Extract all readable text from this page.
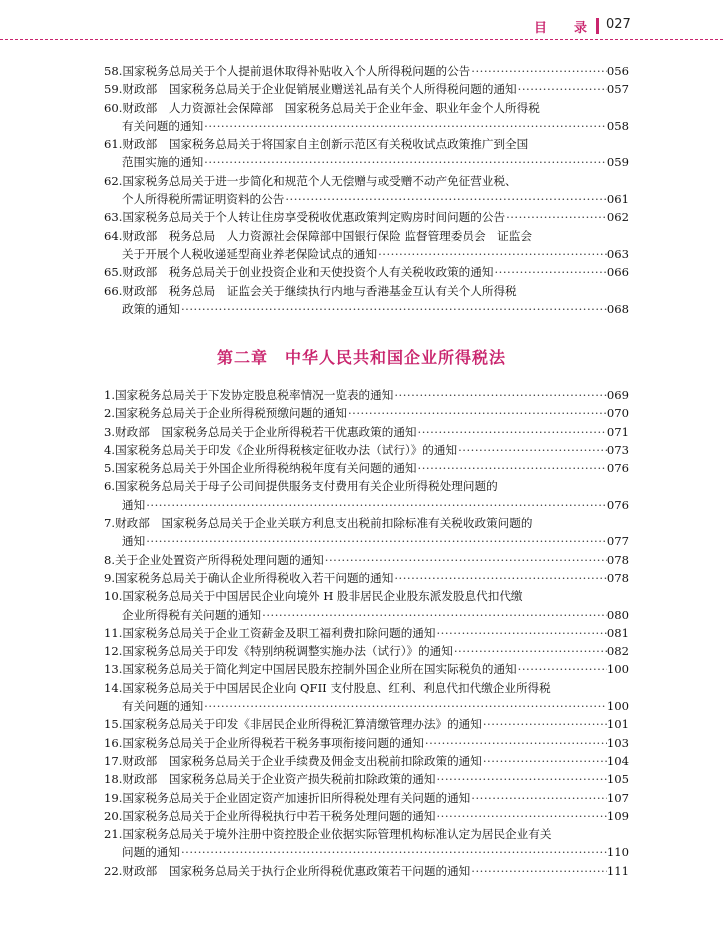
目 录 027
58. 国家税务总局关于个人提前退休取得补贴收入个人所得税问题的公告 ·····	056
59. 财政部　国家税务总局关于企业促销展业赠送礼品有关个人所得税问题的通知 ·····	057
60. 财政部　人力资源社会保障部　国家税务总局关于企业年金、职业年金个人所得税
有关问题的通知 ·····	058
61. 财政部　国家税务总局关于将国家自主创新示范区有关税收试点政策推广到全国
范围实施的通知 ·····	059
62. 国家税务总局关于进一步简化和规范个人无偿赠与或受赠不动产免征营业税、
个人所得税所需证明资料的公告 ·····	061
63. 国家税务总局关于个人转让住房享受税收优惠政策判定购房时间问题的公告 ·····	062
64. 财政部　税务总局　人力资源社会保障部中国银行保险 监督管理委员会　证监会
关于开展个人税收递延型商业养老保险试点的通知 ·····	063
65. 财政部　税务总局关于创业投资企业和天使投资个人有关税收政策的通知 ·····	066
66. 财政部　税务总局　证监会关于继续执行内地与香港基金互认有关个人所得税
政策的通知 ·····	068
第二章　中华人民共和国企业所得税法
1. 国家税务总局关于下发协定股息税率情况一览表的通知 ·····	069
2. 国家税务总局关于企业所得税预缴问题的通知 ·····	070
3. 财政部　国家税务总局关于企业所得税若干优惠政策的通知 ·····	071
4. 国家税务总局关于印发《企业所得税核定征收办法（试行）》的通知 ·····	073
5. 国家税务总局关于外国企业所得税纳税年度有关问题的通知 ·····	076
6. 国家税务总局关于母子公司间提供服务支付费用有关企业所得税处理问题的
通知 ·····	076
7. 财政部　国家税务总局关于企业关联方利息支出税前扣除标准有关税收政策问题的
通知 ·····	077
8. 关于企业处置资产所得税处理问题的通知 ·····	078
9. 国家税务总局关于确认企业所得税收入若干问题的通知 ·····	078
10. 国家税务总局关于中国居民企业向境外 H 股非居民企业股东派发股息代扣代缴
企业所得税有关问题的通知 ·····	080
11. 国家税务总局关于企业工资薪金及职工福利费扣除问题的通知 ·····	081
12. 国家税务总局关于印发《特别纳税调整实施办法（试行）》的通知 ·····	082
13. 国家税务总局关于简化判定中国居民股东控制外国企业所在国实际税负的通知 ·····	100
14. 国家税务总局关于中国居民企业向 QFII 支付股息、红利、利息代扣代缴企业所得税
有关问题的通知 ·····	100
15. 国家税务总局关于印发《非居民企业所得税汇算清缴管理办法》的通知 ·····	101
16. 国家税务总局关于企业所得税若干税务事项衔接问题的通知 ·····	103
17. 财政部　国家税务总局关于企业手续费及佣金支出税前扣除政策的通知 ·····	104
18. 财政部　国家税务总局关于企业资产损失税前扣除政策的通知 ·····	105
19. 国家税务总局关于企业固定资产加速折旧所得税处理有关问题的通知 ·····	107
20. 国家税务总局关于企业所得税执行中若干税务处理问题的通知 ·····	109
21. 国家税务总局关于境外注册中资控股企业依据实际管理机构标准认定为居民企业有关
问题的通知 ·····	110
22. 财政部　国家税务总局关于执行企业所得税优惠政策若干问题的通知 ·····	111
